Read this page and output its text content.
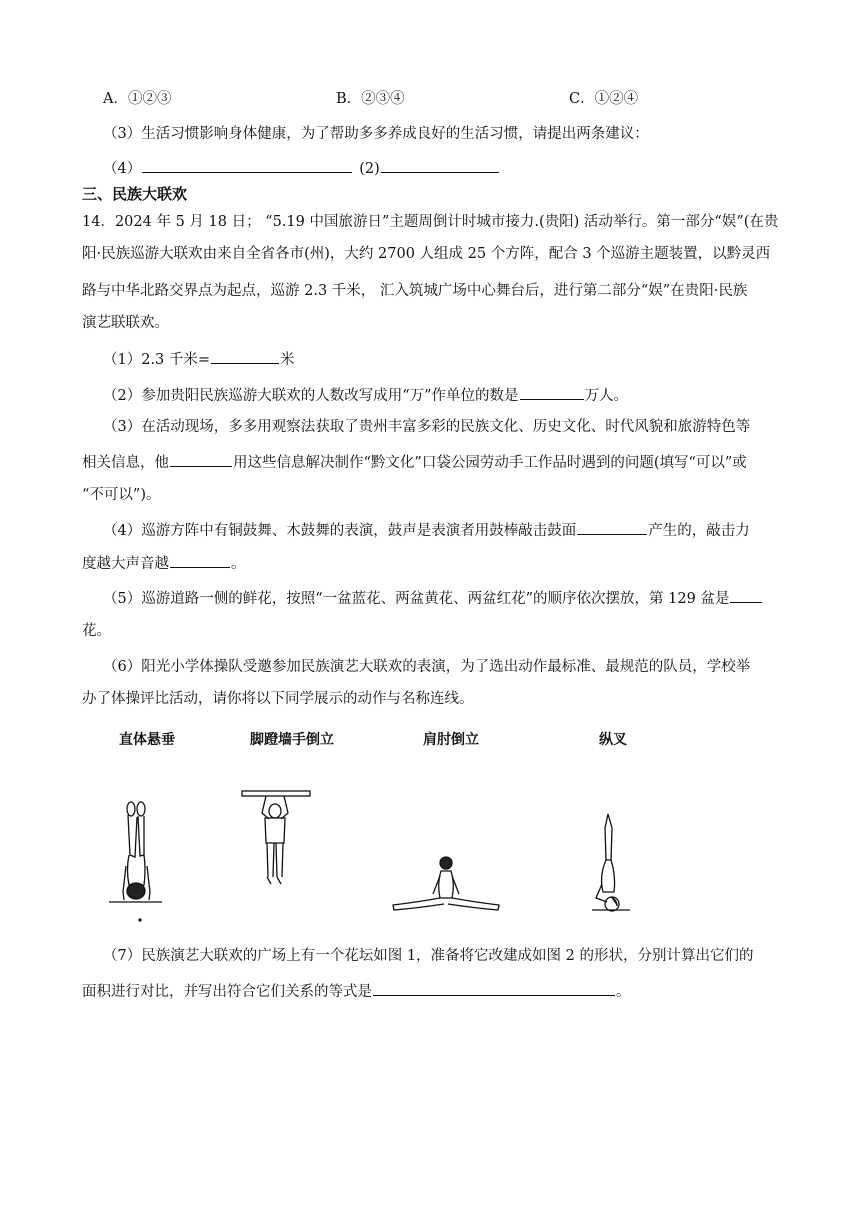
A．①②③	B．②③④	C．①②④
（3）生活习惯影响身体健康，为了帮助多多养成良好的生活习惯，请提出两条建议：
（4）	(2)
三、民族大联欢
14．2024 年 5 月 18 日； “5.19 中国旅游日”主题周倒计时城市接力.(贵阳) 活动举行。第一部分“娱”(在贵
阳·民族巡游大联欢由来自全省各市(州)，大约 2700 人组成 25 个方阵，配合 3 个巡游主题装置，以黔灵西
路与中华北路交界点为起点，巡游 2.3 千米， 汇入筑城广场中心舞台后，进行第二部分“娱”在贵阳·民族
演艺联联欢。
（1）2.3 千米=	米
（2）参加贵阳民族巡游大联欢的人数改写成用“万”作单位的数是	万人。
（3）在活动现场，多多用观察法获取了贵州丰富多彩的民族文化、历史文化、时代风貌和旅游特色等
相关信息，他	用这些信息解决制作“黔文化”口袋公园劳动手工作品时遇到的问题(填写“可以”或
“不可以”)。
（4）巡游方阵中有铜鼓舞、木鼓舞的表演，鼓声是表演者用鼓棒敲击鼓面	产生的，敲击力
度越大声音越	。
（5）巡游道路一侧的鲜花，按照“一盆蓝花、两盆黄花、两盆红花”的顺序依次摆放，第 129 盆是
花。
（6）阳光小学体操队受邀参加民族演艺大联欢的表演，为了选出动作最标准、最规范的队员，学校举
办了体操评比活动，请你将以下同学展示的动作与名称连线。
直体悬垂	脚蹬墙手倒立	肩肘倒立	纵叉
（7）民族演艺大联欢的广场上有一个花坛如图 1，准备将它改建成如图 2 的形状，分别计算出它们的
面积进行对比，并写出符合它们关系的等式是	。
